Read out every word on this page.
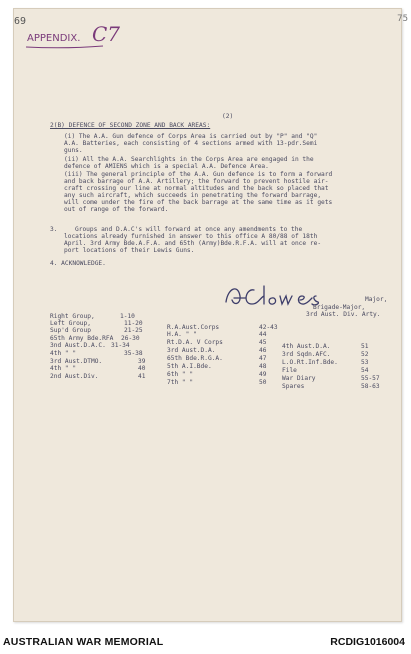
69	75
APPENDIX. C7
(2)
2(B) DEFENCE OF SECOND ZONE AND BACK AREAS:
(i) The A.A. Gun defence of Corps Area is carried out by "P" and "Q"
A.A. Batteries, each consisting of 4 sections armed with 13-pdr.Semi
guns.
(ii) All the A.A. Searchlights in the Corps Area are engaged in the
defence of AMIENS which is a special A.A. Defence Area.
(iii) The general principle of the A.A. Gun defence is to form a forward
and back barrage of A.A. Artillery; the forward to prevent hostile air-
craft crossing our line at normal altitudes and the back so placed that
any such aircraft, which succeeds in penetrating the forward barrage,
will come under the fire of the back barrage at the same time as it gets
out of range of the forward.
3.	Groups and D.A.C's will forward at once any amendments to the
locations already furnished in answer to this office A 80/88 of 18th
April. 3rd Army Bde.A.F.A. and 65th (Army)Bde.R.F.A. will at once re-
port locations of their Lewis Guns.
4. ACKNOWLEDGE.
Major,
Brigade-Major,
3rd Aust. Div. Arty.
Right Group,	1-10
Left Group,	11-20
Sup'd Group	21-25
65th Army Bde.RFA 26-30
3nd Aust.D.A.C. 31-34
4th " "	35-38
3rd Aust.DTMO.	39
4th " "	40
2nd Aust.Div.	41
R.A.Aust.Corps	42-43
H.A. " "	44
Rt.D.A. V Corps	45
3rd Aust.D.A.	46
65th Bde.R.G.A.	47
5th A.I.Bde.	48
6th " "	49
7th " "	50
4th Aust.D.A.	51
3rd Sqdn.AFC.	52
L.O.Rt.Inf.Bde.	53
File	54
War Diary	55-57
Spares	58-63
AUSTRALIAN WAR MEMORIAL	RCDIG1016004
